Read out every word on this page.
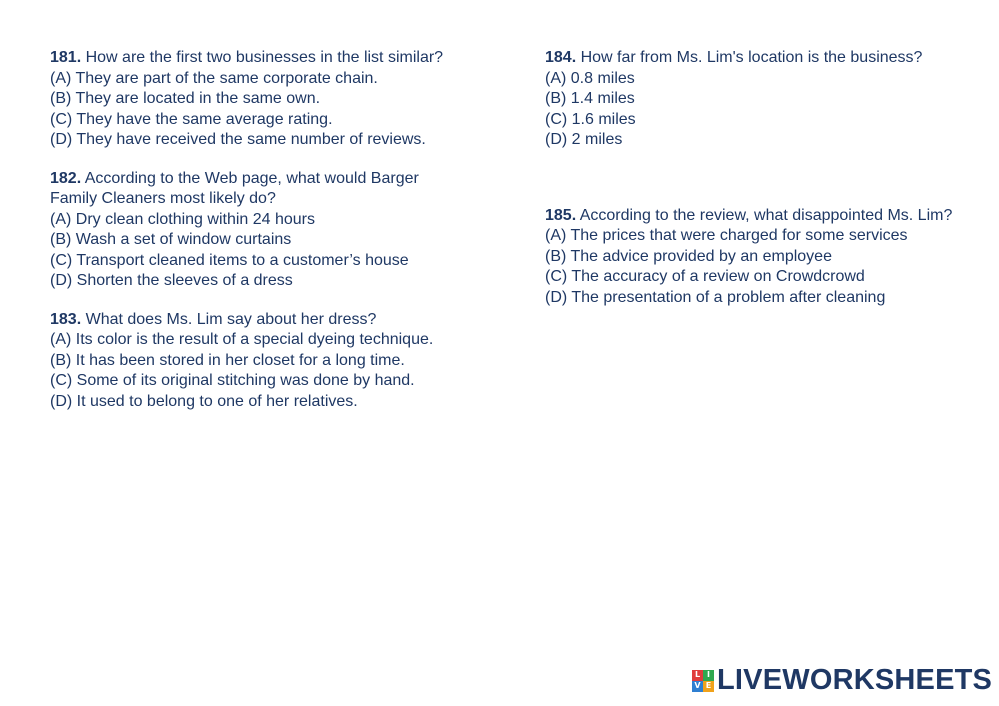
181. How are the first two businesses in the list similar?

(A) They are part of the same corporate chain.
(B) They are located in the same own.
(C) They have the same average rating.
(D) They have received the same number of reviews.

182. According to the Web page, what would Barger Family Cleaners most likely do?

(A) Dry clean clothing within 24 hours
(B) Wash a set of window curtains
(C) Transport cleaned items to a customer’s house
(D) Shorten the sleeves of a dress

183. What does Ms. Lim say about her dress?

(A) Its color is the result of a special dyeing technique.
(B) It has been stored in her closet for a long time.
(C) Some of its original stitching was done by hand.
(D) It used to belong to one of her relatives.

184. How far from Ms. Lim's location is the business?

(A) 0.8 miles
(B) 1.4 miles
(C) 1.6 miles
(D) 2 miles

185. According to the review, what disappointed Ms. Lim?

(A) The prices that were charged for some services
(B) The advice provided by an employee
(C) The accuracy of a review on Crowdcrowd
(D) The presentation of a problem after cleaning

L I
V E LIVEWORKSHEETS
